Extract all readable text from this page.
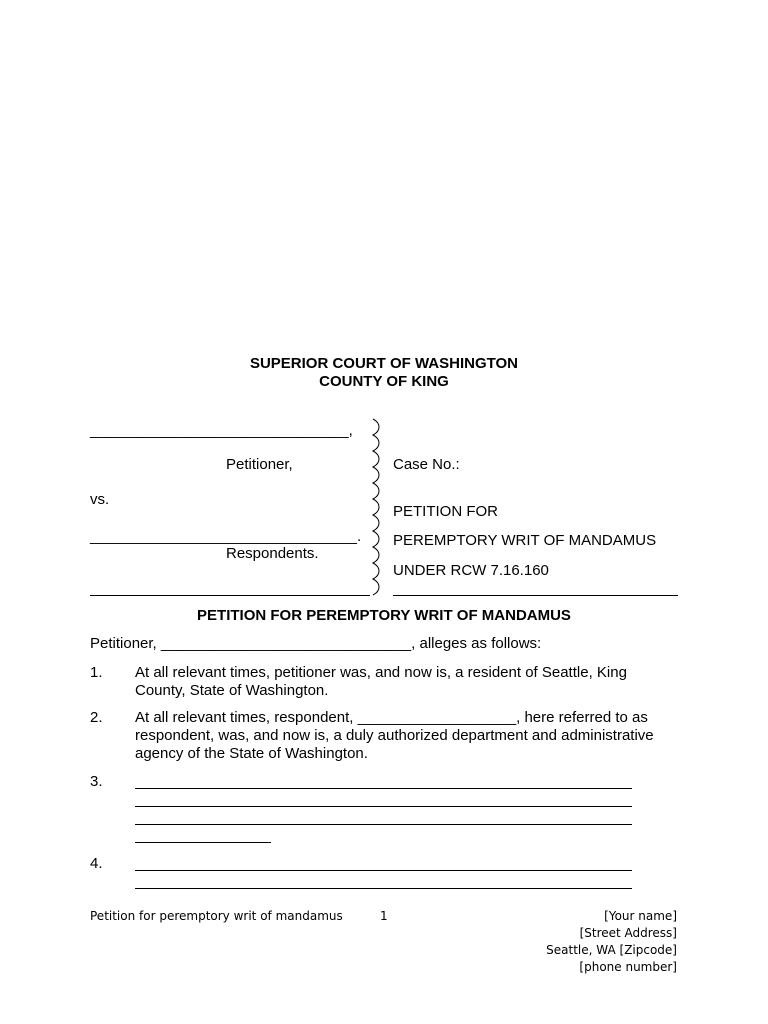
SUPERIOR COURT OF WASHINGTON
COUNTY OF KING
_______________________________,
Petitioner,
vs.
________________________________.
Respondents.
Case No.:
PETITION FOR
PEREMPTORY WRIT OF MANDAMUS
UNDER RCW 7.16.160
PETITION FOR PEREMPTORY WRIT OF MANDAMUS
Petitioner, ______________________________, alleges as follows:
1. At all relevant times, petitioner was, and now is, a resident of Seattle, King County, State of Washington.
2. At all relevant times, respondent, ___________________, here referred to as respondent, was, and now is, a duly authorized department and administrative agency of the State of Washington.
3.
4.
Petition for peremptory writ of mandamus	1	[Your name]
[Street Address]
Seattle, WA [Zipcode]
[phone number]
